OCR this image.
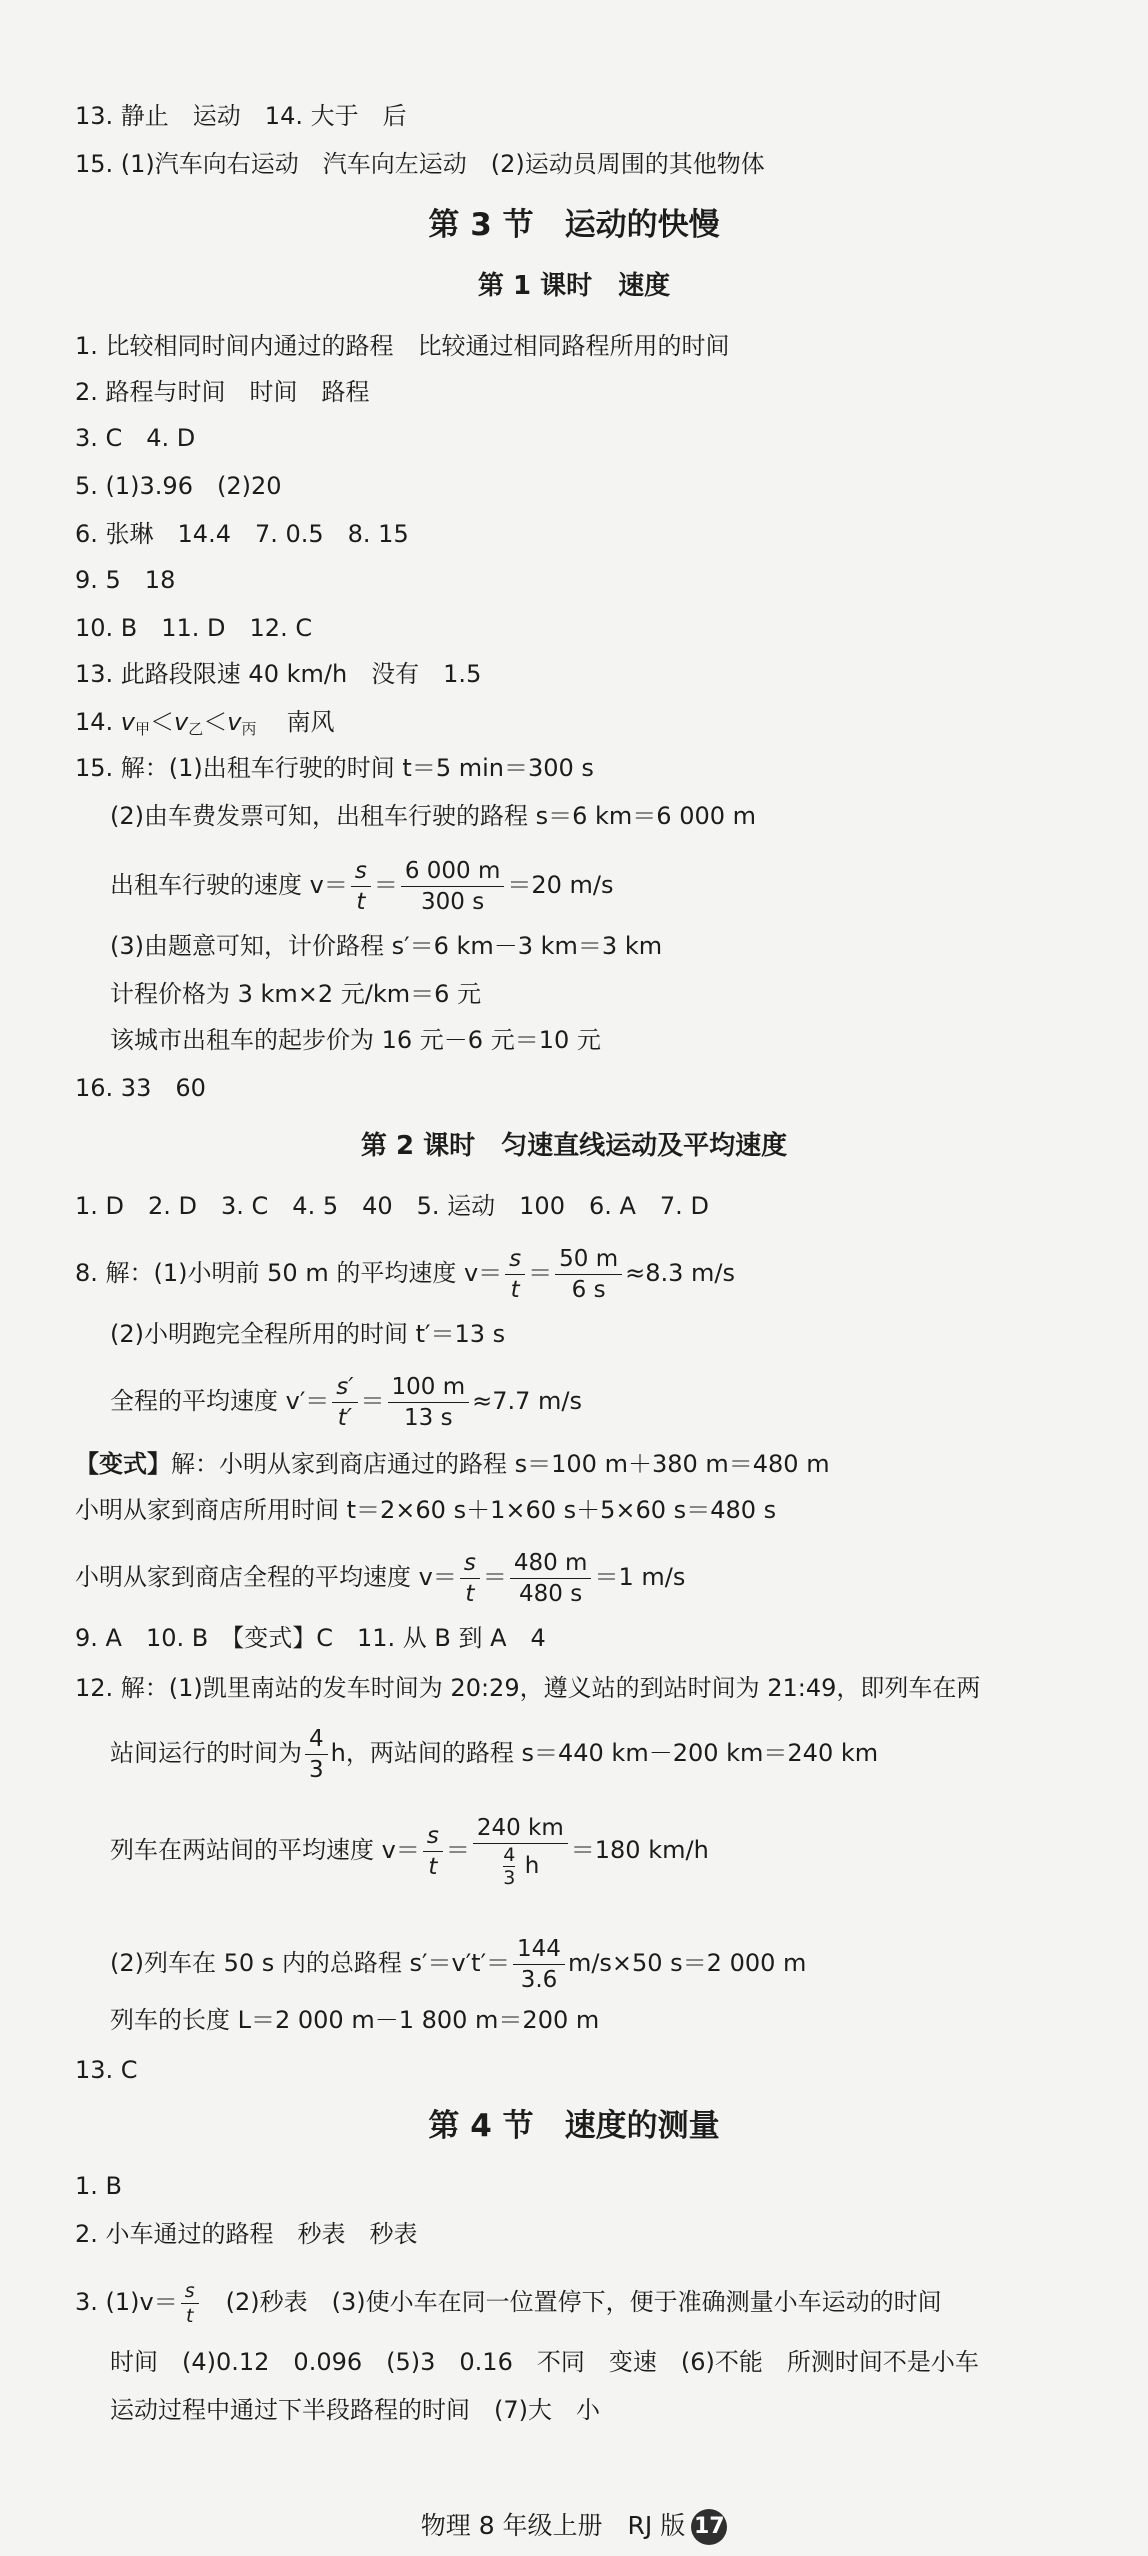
13. 静止　运动　14. 大于　后
15. (1)汽车向右运动　汽车向左运动　(2)运动员周围的其他物体
第 3 节　运动的快慢
第 1 课时　速度
1. 比较相同时间内通过的路程　比较通过相同路程所用的时间
2. 路程与时间　时间　路程
3. C　4. D
5. (1)3.96　(2)20
6. 张琳　14.4　7. 0.5　8. 15
9. 5　18
10. B　11. D　12. C
13. 此路段限速 40 km/h　没有　1.5
14. $v_甲<v_乙<v_丙$ 南风
15. 解：(1)出租车行驶的时间 t＝5 min＝300 s
(2)由车费发票可知，出租车行驶的路程 s＝6 km＝6 000 m
出租车行驶的速度 $v= \frac{s}{t} = \frac{6 000 m}{300 s} =20$ m/s
(3)由题意可知，计价路程 s′＝6 km－3 km＝3 km
计程价格为 3 km×2 元/km＝6 元
该城市出租车的起步价为 16 元－6 元＝10 元
16. 33　60
第 2 课时　匀速直线运动及平均速度
1. D　2. D　3. C　4. 5　40　5. 运动　100　6. A　7. D
8. 解：(1)小明前 50 m 的平均速度 $v= \frac{s}{t} = \frac{50 m}{6 s} \approx 8.3$ m/s
(2)小明跑完全程所用的时间 t′＝13 s
全程的平均速度 $v'= \frac{s'}{t'} = \frac{100 m}{13 s} \approx 7.7$ m/s
【变式】解：小明从家到商店通过的路程 s＝100 m＋380 m＝480 m
小明从家到商店所用时间 t＝2×60 s＋1×60 s＋5×60 s＝480 s
小明从家到商店全程的平均速度 $v= \frac{s}{t} = \frac{480 m}{480 s} =1$ m/s
9. A　10. B　【变式】C　11. 从 B 到 A　4
12. 解：(1)凯里南站的发车时间为 20:29，遵义站的到站时间为 21:49，即列车在两
站间运行的时间为 $\frac{4}{3}$ h，两站间的路程 s＝440 km－200 km＝240 km
列车在两站间的平均速度 $v= \frac{s}{t} = \frac{240 km}{\frac{4}{3} h} =180$ km/h
(2)列车在 50 s 内的总路程 $s'=v't'= \frac{144}{3.6} m/s\times 50$ s＝2 000 m
列车的长度 L＝2 000 m－1 800 m＝200 m
13. C
第 4 节　速度的测量
1. B
2. 小车通过的路程　秒表　秒表
3. $(1)v= \frac{s}{t}$
　 (2)秒表　(3)使小车在同一位置停下，便于准确测量小车运动的时间
时间　(4)0.12　0.096　(5)3　0.16　不同　变速　(6)不能　所测时间不是小车
运动过程中通过下半段路程的时间　(7)大　小
物理 8 年级上册　RJ 版 17
